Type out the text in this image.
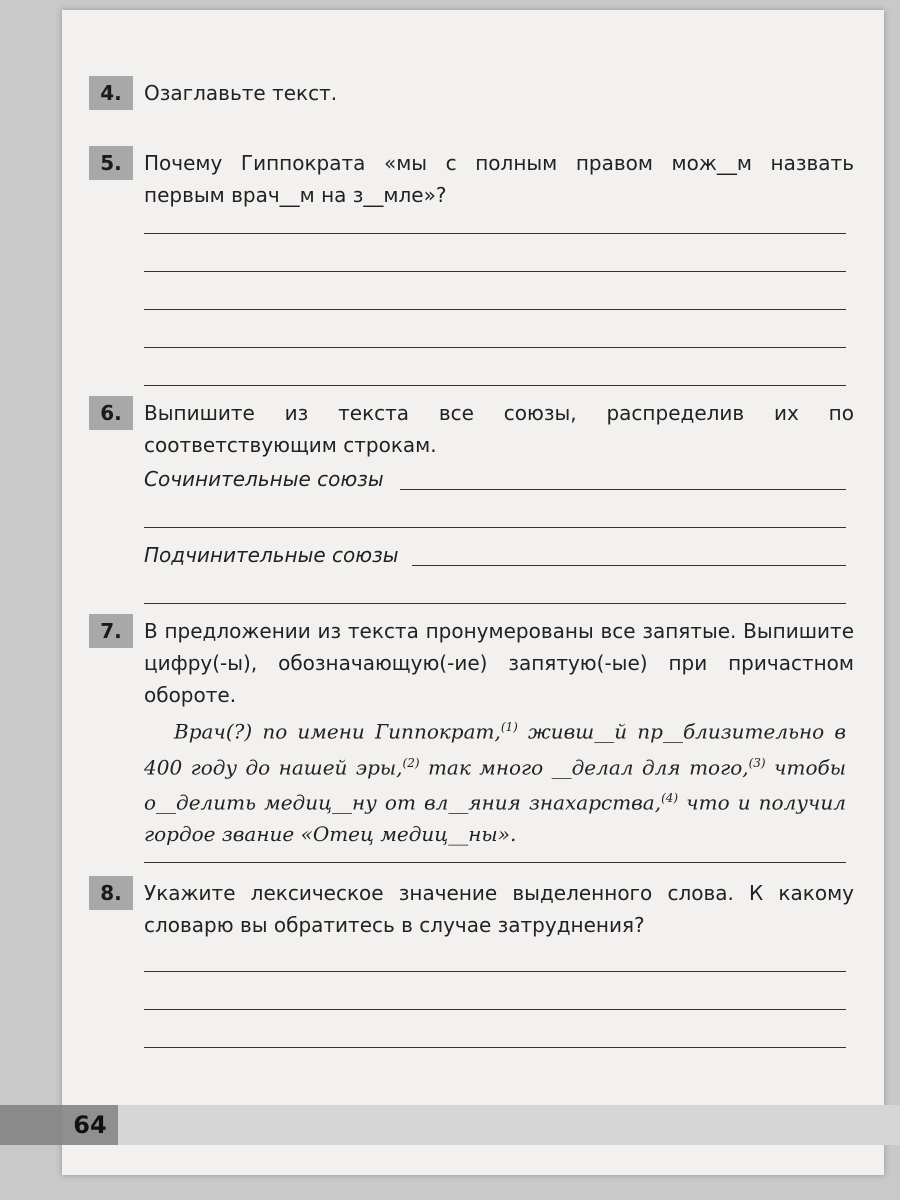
64
4.	Озаглавьте текст.
5.	Почему Гиппократа «мы с полным правом мож__м назвать первым врач__м на з__мле»?
6.	Выпишите из текста все союзы, распределив их по соответствующим строкам.
Сочинительные союзы
Подчинительные союзы
7.	В предложении из текста пронумерованы все запятые. Выпишите цифру(-ы), обозначающую(-ие) запятую(-ые) при причастном обороте.

Врач(?) по имени Гиппократ,$^{(1)}$ живш__й пр__близительно в 400 году до нашей эры,$^{(2)}$ так много __делал для того,$^{(3)}$ чтобы о__делить медиц__ну от вл__яния знахарства,$^{(4)}$ что и получил гордое звание «Отец медиц__ны».

8.	Укажите лексическое значение выделенного слова. К какому словарю вы обратитесь в случае затруднения?
